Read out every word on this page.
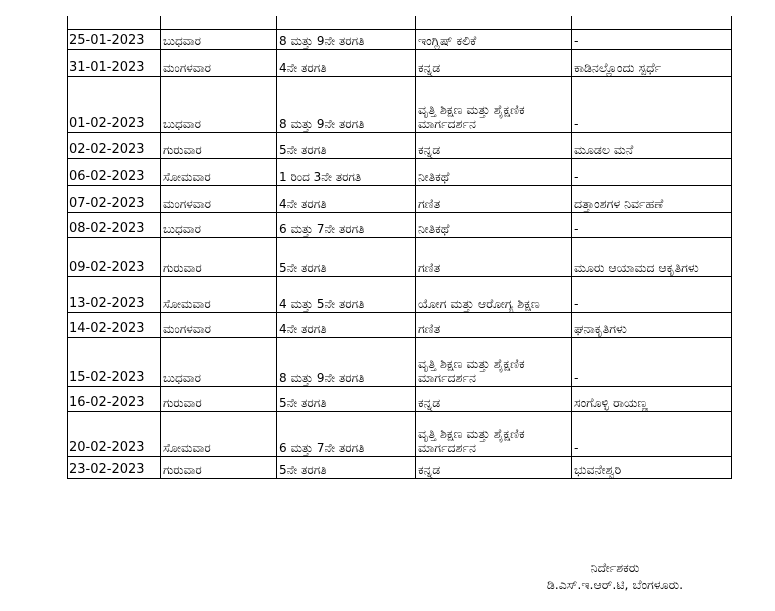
25-01-2023	ಬುಧವಾರ	8 ಮತ್ತು 9ನೇ ತರಗತಿ	ಇಂಗ್ಲಿಷ್ ಕಲಿಕೆ	-
31-01-2023	ಮಂಗಳವಾರ	4ನೇ ತರಗತಿ	ಕನ್ನಡ	ಕಾಡಿನಲ್ಲೊಂದು ಸ್ಪರ್ಧೆ
01-02-2023	ಬುಧವಾರ	8 ಮತ್ತು 9ನೇ ತರಗತಿ	ವೃತ್ತಿ ಶಿಕ್ಷಣ ಮತ್ತು ಶೈಕ್ಷಣಿಕ ಮಾರ್ಗದರ್ಶನ	-
02-02-2023	ಗುರುವಾರ	5ನೇ ತರಗತಿ	ಕನ್ನಡ	ಮೂಡಲ ಮನೆ
06-02-2023	ಸೋಮವಾರ	1 ರಿಂದ 3ನೇ ತರಗತಿ	ನೀತಿಕಥೆ	-
07-02-2023	ಮಂಗಳವಾರ	4ನೇ ತರಗತಿ	ಗಣಿತ	ದತ್ತಾಂಶಗಳ ನಿರ್ವಹಣೆ
08-02-2023	ಬುಧವಾರ	6 ಮತ್ತು 7ನೇ ತರಗತಿ	ನೀತಿಕಥೆ	-
09-02-2023	ಗುರುವಾರ	5ನೇ ತರಗತಿ	ಗಣಿತ	ಮೂರು ಆಯಾಮದ ಆಕೃತಿಗಳು
13-02-2023	ಸೋಮವಾರ	4 ಮತ್ತು 5ನೇ ತರಗತಿ	ಯೋಗ ಮತ್ತು ಆರೋಗ್ಯ ಶಿಕ್ಷಣ	-
14-02-2023	ಮಂಗಳವಾರ	4ನೇ ತರಗತಿ	ಗಣಿತ	ಘನಾಕೃತಿಗಳು
15-02-2023	ಬುಧವಾರ	8 ಮತ್ತು 9ನೇ ತರಗತಿ	ವೃತ್ತಿ ಶಿಕ್ಷಣ ಮತ್ತು ಶೈಕ್ಷಣಿಕ ಮಾರ್ಗದರ್ಶನ	-
16-02-2023	ಗುರುವಾರ	5ನೇ ತರಗತಿ	ಕನ್ನಡ	ಸಂಗೊಳ್ಳಿ ರಾಯಣ್ಣ
20-02-2023	ಸೋಮವಾರ	6 ಮತ್ತು 7ನೇ ತರಗತಿ	ವೃತ್ತಿ ಶಿಕ್ಷಣ ಮತ್ತು ಶೈಕ್ಷಣಿಕ ಮಾರ್ಗದರ್ಶನ	-
23-02-2023	ಗುರುವಾರ	5ನೇ ತರಗತಿ	ಕನ್ನಡ	ಭುವನೇಶ್ವರಿ
ನಿರ್ದೇಶಕರು
ಡಿ.ಎಸ್.ಇ.ಆರ್.ಟಿ, ಬೆಂಗಳೂರು.
